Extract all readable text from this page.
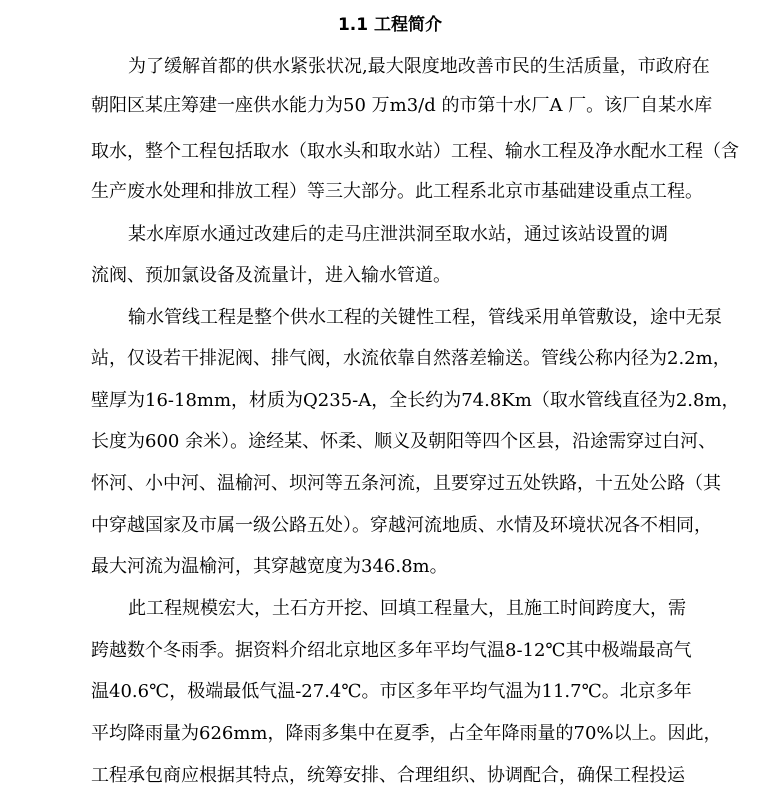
1.1 工程简介
为了缓解首都的供水紧张状况,最大限度地改善市民的生活质量，市政府在
朝阳区某庄筹建一座供水能力为50 万m3/d 的市第十水厂A 厂。该厂自某水库
取水，整个工程包括取水（取水头和取水站）工程、输水工程及净水配水工程（含
生产废水处理和排放工程）等三大部分。此工程系北京市基础建设重点工程。
某水库原水通过改建后的走马庄泄洪洞至取水站，通过该站设置的调
流阀、预加氯设备及流量计，进入输水管道。
输水管线工程是整个供水工程的关键性工程，管线采用单管敷设，途中无泵
站，仅设若干排泥阀、排气阀，水流依靠自然落差输送。管线公称内径为2.2m，
壁厚为16-18mm，材质为Q235-A，全长约为74.8Km（取水管线直径为2.8m，
长度为600 余米）。途经某、怀柔、顺义及朝阳等四个区县，沿途需穿过白河、
怀河、小中河、温榆河、坝河等五条河流，且要穿过五处铁路，十五处公路（其
中穿越国家及市属一级公路五处）。穿越河流地质、水情及环境状况各不相同，
最大河流为温榆河，其穿越宽度为346.8m。
此工程规模宏大，土石方开挖、回填工程量大，且施工时间跨度大，需
跨越数个冬雨季。据资料介绍北京地区多年平均气温8-12℃其中极端最高气
温40.6℃，极端最低气温-27.4℃。市区多年平均气温为11.7℃。北京多年
平均降雨量为626mm，降雨多集中在夏季，占全年降雨量的70%以上。因此，
工程承包商应根据其特点，统筹安排、合理组织、协调配合，确保工程投运
